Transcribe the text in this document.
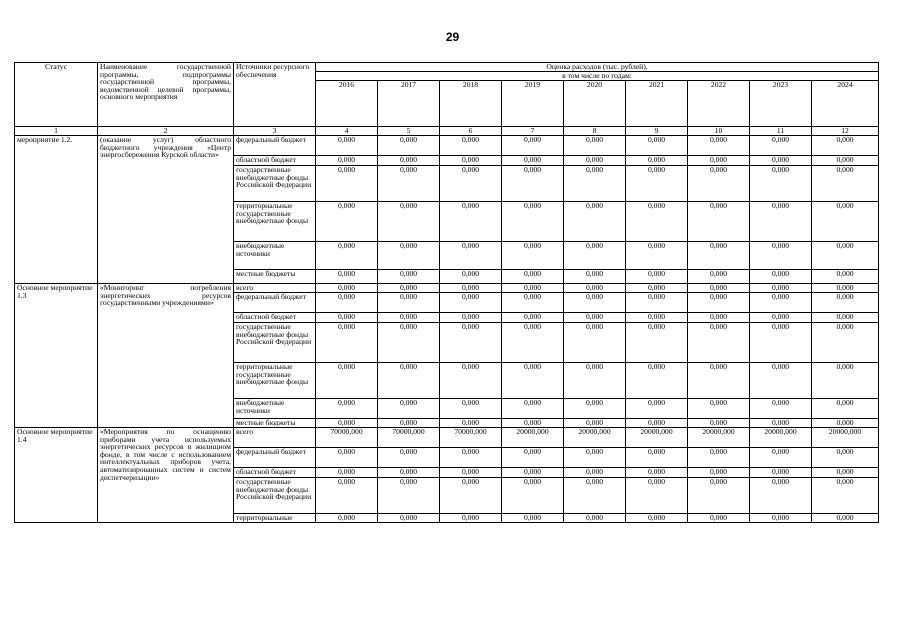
29
Статус	Наименование государственной программы, подпрограммы государственной программы, ведомственной целевой программы, основного мероприятия	Источники ресурсного обеспечения	Оценка расходов (тыс. рублей),								
			в том числе по годам:								
			2016	2017	2018	2019	2020	2021	2022	2023	2024
1	2	3	4	5	6	7	8	9	10	11	12
мероприятие 1.2.	(оказание услуг) областного бюджетного учреждения «Центр энергосбережения Курской области»	федеральный бюджет	0,000	0,000	0,000	0,000	0,000	0,000	0,000	0,000	0,000
		областной бюджет	0,000	0,000	0,000	0,000	0,000	0,000	0,000	0,000	0,000
		государственные внебюджетные фонды Российской Федерации	0,000	0,000	0,000	0,000	0,000	0,000	0,000	0,000	0,000
		территориальные государственные внебюджетные фонды	0,000	0,000	0,000	0,000	0,000	0,000	0,000	0,000	0,000
		внебюджетные источники	0,000	0,000	0,000	0,000	0,000	0,000	0,000	0,000	0,000
		местные бюджеты	0,000	0,000	0,000	0,000	0,000	0,000	0,000	0,000	0,000
Основное мероприятие 1.3	«Мониторинг потребления энергетических ресурсов государственными учреждениями»	всего	0,000	0,000	0,000	0,000	0,000	0,000	0,000	0,000	0,000
		федеральный бюджет	0,000	0,000	0,000	0,000	0,000	0,000	0,000	0,000	0,000
		областной бюджет	0,000	0,000	0,000	0,000	0,000	0,000	0,000	0,000	0,000
		государственные внебюджетные фонды Российской Федерации	0,000	0,000	0,000	0,000	0,000	0,000	0,000	0,000	0,000
		территориальные государственные внебюджетные фонды	0,000	0,000	0,000	0,000	0,000	0,000	0,000	0,000	0,000
		внебюджетные источники	0,000	0,000	0,000	0,000	0,000	0,000	0,000	0,000	0,000
		местные бюджеты	0,000	0,000	0,000	0,000	0,000	0,000	0,000	0,000	0,000
Основное мероприятие 1.4	«Мероприятия по оснащению приборами учета используемых энергетических ресурсов в жилищном фонде, в том числе с использованием интеллектуальных приборов учета, автоматизированных систем и систем диспетчеризации»	всего	70000,000	70000,000	70000,000	20000,000	20000,000	20000,000	20000,000	20000,000	20000,000
		федеральный бюджет	0,000	0,000	0,000	0,000	0,000	0,000	0,000	0,000	0,000
		областной бюджет	0,000	0,000	0,000	0,000	0,000	0,000	0,000	0,000	0,000
		государственные внебюджетные фонды Российской Федерации	0,000	0,000	0,000	0,000	0,000	0,000	0,000	0,000	0,000
		территориальные	0,000	0,000	0,000	0,000	0,000	0,000	0,000	0,000	0,000
